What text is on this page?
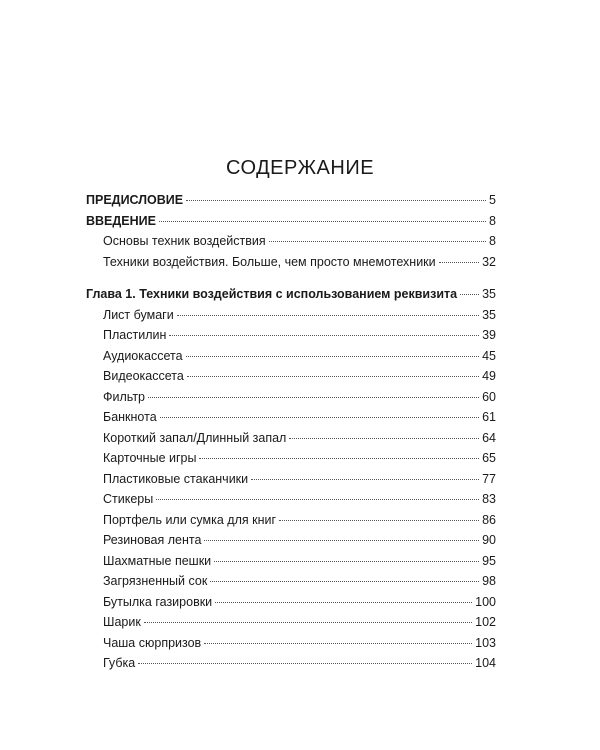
СОДЕРЖАНИЕ
ПРЕДИСЛОВИЕ	5
ВВЕДЕНИЕ	8
Основы техник воздействия	8
Техники воздействия. Больше, чем просто мнемотехники	32
Глава 1. Техники воздействия с использованием реквизита 35
Лист бумаги	35
Пластилин	39
Аудиокассета	45
Видеокассета	49
Фильтр	60
Банкнота	61
Короткий запал/Длинный запал	64
Карточные игры	65
Пластиковые стаканчики	77
Стикеры	83
Портфель или сумка для книг	86
Резиновая лента	90
Шахматные пешки	95
Загрязненный сок	98
Бутылка газировки	100
Шарик	102
Чаша сюрпризов	103
Губка	104
